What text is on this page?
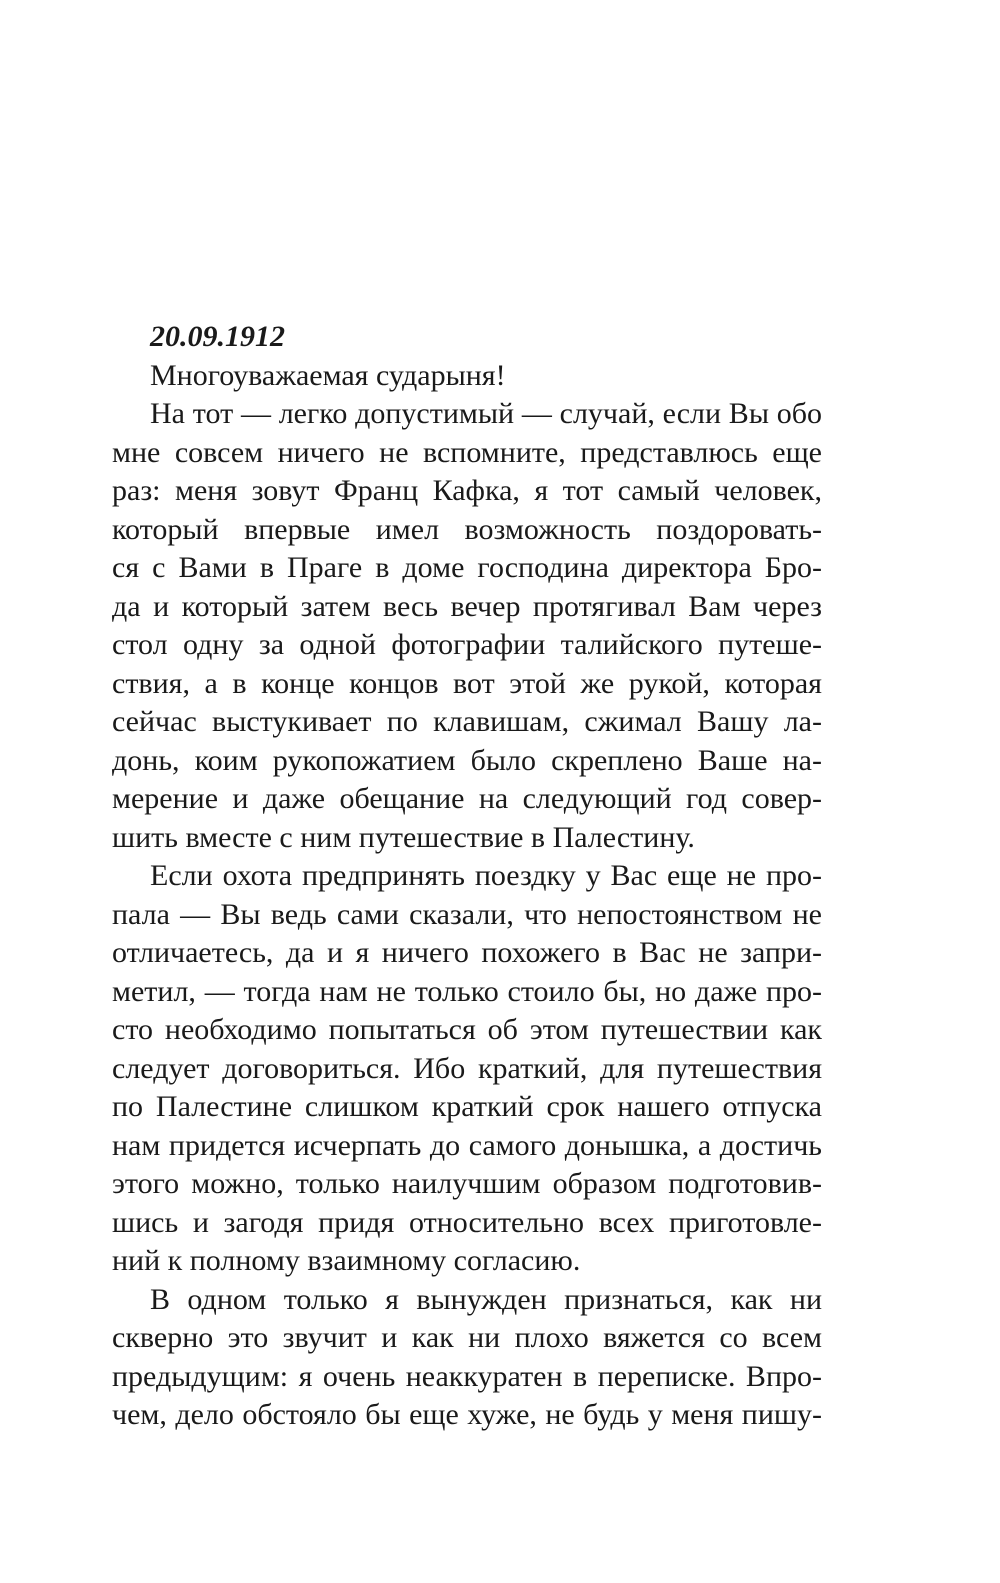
20.09.1912
Многоуважаемая сударыня!
На тот — легко допустимый — случай, если Вы обо
мне совсем ничего не вспомните, представлюсь еще
раз: меня зовут Франц Кафка, я тот самый человек,
который впервые имел возможность поздоровать-
ся с Вами в Праге в доме господина директора Бро-
да и который затем весь вечер протягивал Вам через
стол одну за одной фотографии талийского путеше-
ствия, а в конце концов вот этой же рукой, которая
сейчас выстукивает по клавишам, сжимал Вашу ла-
донь, коим рукопожатием было скреплено Ваше на-
мерение и даже обещание на следующий год совер-
шить вместе с ним путешествие в Палестину.
Если охота предпринять поездку у Вас еще не про-
пала — Вы ведь сами сказали, что непостоянством не
отличаетесь, да и я ничего похожего в Вас не запри-
метил, — тогда нам не только стоило бы, но даже про-
сто необходимо попытаться об этом путешествии как
следует договориться. Ибо краткий, для путешествия
по Палестине слишком краткий срок нашего отпуска
нам придется исчерпать до самого донышка, а достичь
этого можно, только наилучшим образом подготовив-
шись и загодя придя относительно всех приготовле-
ний к полному взаимному согласию.
В одном только я вынужден признаться, как ни
скверно это звучит и как ни плохо вяжется со всем
предыдущим: я очень неаккуратен в переписке. Впро-
чем, дело обстояло бы еще хуже, не будь у меня пишу-
